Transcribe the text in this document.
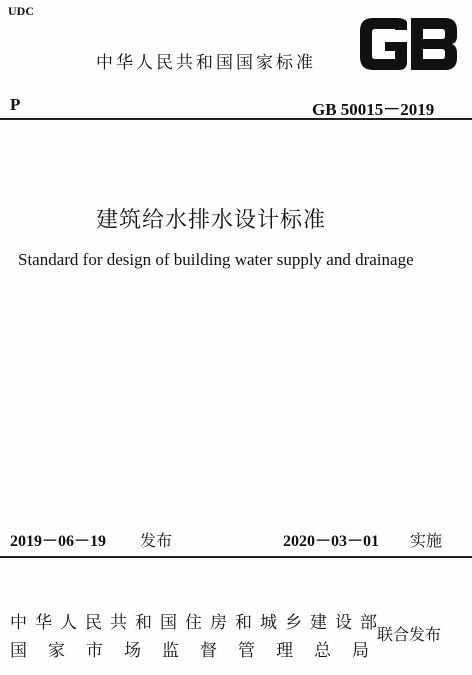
UDC
中华人民共和国国家标准
P	GB 50015－2019
建筑给水排水设计标准
Standard for design of building water supply and drainage
2019－06－19 发布	2020－03－01 实施
中华人民共和国住房和城乡建设部
国家市场监督管理总局
联合发布
